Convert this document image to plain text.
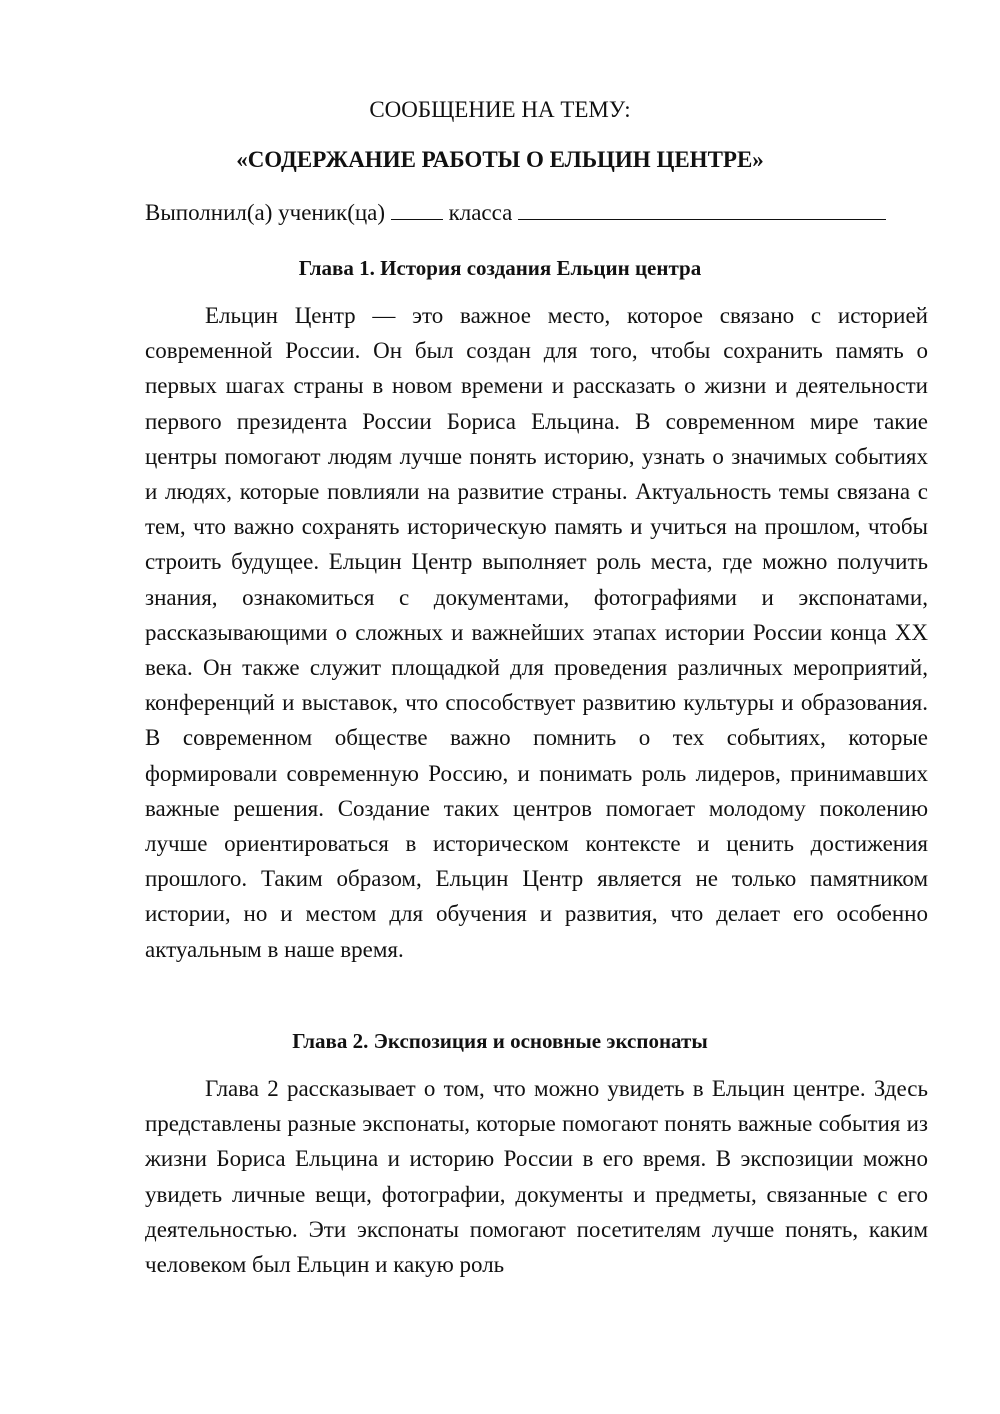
СООБЩЕНИЕ НА ТЕМУ:
«СОДЕРЖАНИЕ РАБОТЫ О ЕЛЬЦИН ЦЕНТРЕ»
Выполнил(а) ученик(ца)	класса
Глава 1. История создания Ельцин центра

Ельцин Центр — это важное место, которое связано с историей современной России. Он был создан для того, чтобы сохранить память о первых шагах страны в новом времени и рассказать о жизни и деятельности первого президента России Бориса Ельцина. В современном мире такие центры помогают людям лучше понять историю, узнать о значимых событиях и людях, которые повлияли на развитие страны. Актуальность темы связана с тем, что важно сохранять историческую память и учиться на прошлом, чтобы строить будущее. Ельцин Центр выполняет роль места, где можно получить знания, ознакомиться с документами, фотографиями и экспонатами, рассказывающими о сложных и важнейших этапах истории России конца XX века. Он также служит площадкой для проведения различных мероприятий, конференций и выставок, что способствует развитию культуры и образования. В современном обществе важно помнить о тех событиях, которые формировали современную Россию, и понимать роль лидеров, принимавших важные решения. Создание таких центров помогает молодому поколению лучше ориентироваться в историческом контексте и ценить достижения прошлого. Таким образом, Ельцин Центр является не только памятником истории, но и местом для обучения и развития, что делает его особенно актуальным в наше время.

Глава 2. Экспозиция и основные экспонаты

Глава 2 рассказывает о том, что можно увидеть в Ельцин центре. Здесь представлены разные экспонаты, которые помогают понять важные события из жизни Бориса Ельцина и историю России в его время. В экспозиции можно увидеть личные вещи, фотографии, документы и предметы, связанные с его деятельностью. Эти экспонаты помогают посетителям лучше понять, каким человеком был Ельцин и какую роль
